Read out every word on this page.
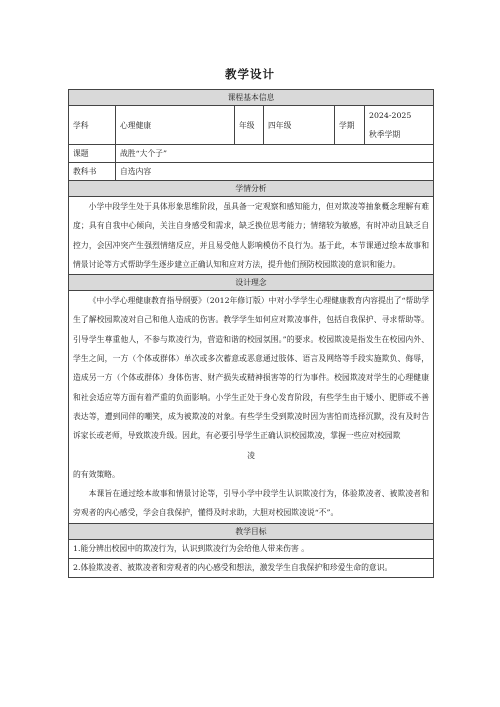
教学设计
课程基本信息					
学科	心理健康	年级	四年级	学期	2024-2025
秋季学期

课题	战胜“大个子”				
教科书	自选内容				
学情分析					

小学中段学生处于具体形象思维阶段，虽具备一定观察和感知能力，但对欺凌等抽象概念理解有难度；具有自我中心倾向，关注自身感受和需求，缺乏换位思考能力；情绪较为敏感，有时冲动且缺乏自控力，会因冲突产生强烈情绪反应，并且易受他人影响模仿不良行为。基于此，本节课通过绘本故事和情景讨论等方式帮助学生逐步建立正确认知和应对方法，提升他们预防校园欺凌的意识和能力。					

设计理念					

《中小学心理健康教育指导纲要》（2012年修订版）中对小学学生心理健康教育内容提出了“帮助学生了解校园欺凌对自己和他人造成的伤害。教学学生如何应对欺凌事件，包括自我保护、寻求帮助等。引导学生尊重他人，不参与欺凌行为，营造和谐的校园氛围。”的要求。校园欺凌是指发生在校园内外、学生之间，一方（个体或群体）单次或多次蓄意或恶意通过肢体、语言及网络等手段实施欺负、侮辱，造成另一方（个体或群体）身体伤害、财产损失或精神损害等的行为事件。校园欺凌对学生的心理健康和社会适应等方面有着严重的负面影响。小学生正处于身心发育阶段，有些学生由于矮小、肥胖或不善表达等，遭到同伴的嘲笑，成为被欺凌的对象。有些学生受到欺凌时因为害怕而选择沉默，没有及时告诉家长或老师，导致欺凌升级。因此，有必要引导学生正确认识校园欺凌，掌握一些应对校园欺

凌

的有效策略。

本课旨在通过绘本故事和情景讨论等，引导小学中段学生认识欺凌行为，体验欺凌者、被欺凌者和旁观者的内心感受，学会自我保护，懂得及时求助，大胆对校园欺凌说“不”。					

教学目标					
1.能分辨出校园中的欺凌行为，认识到欺凌行为会给他人带来伤害 。					
2.体验欺凌者、被欺凌者和旁观者的内心感受和想法，激发学生自我保护和珍爱生命的意识。					
